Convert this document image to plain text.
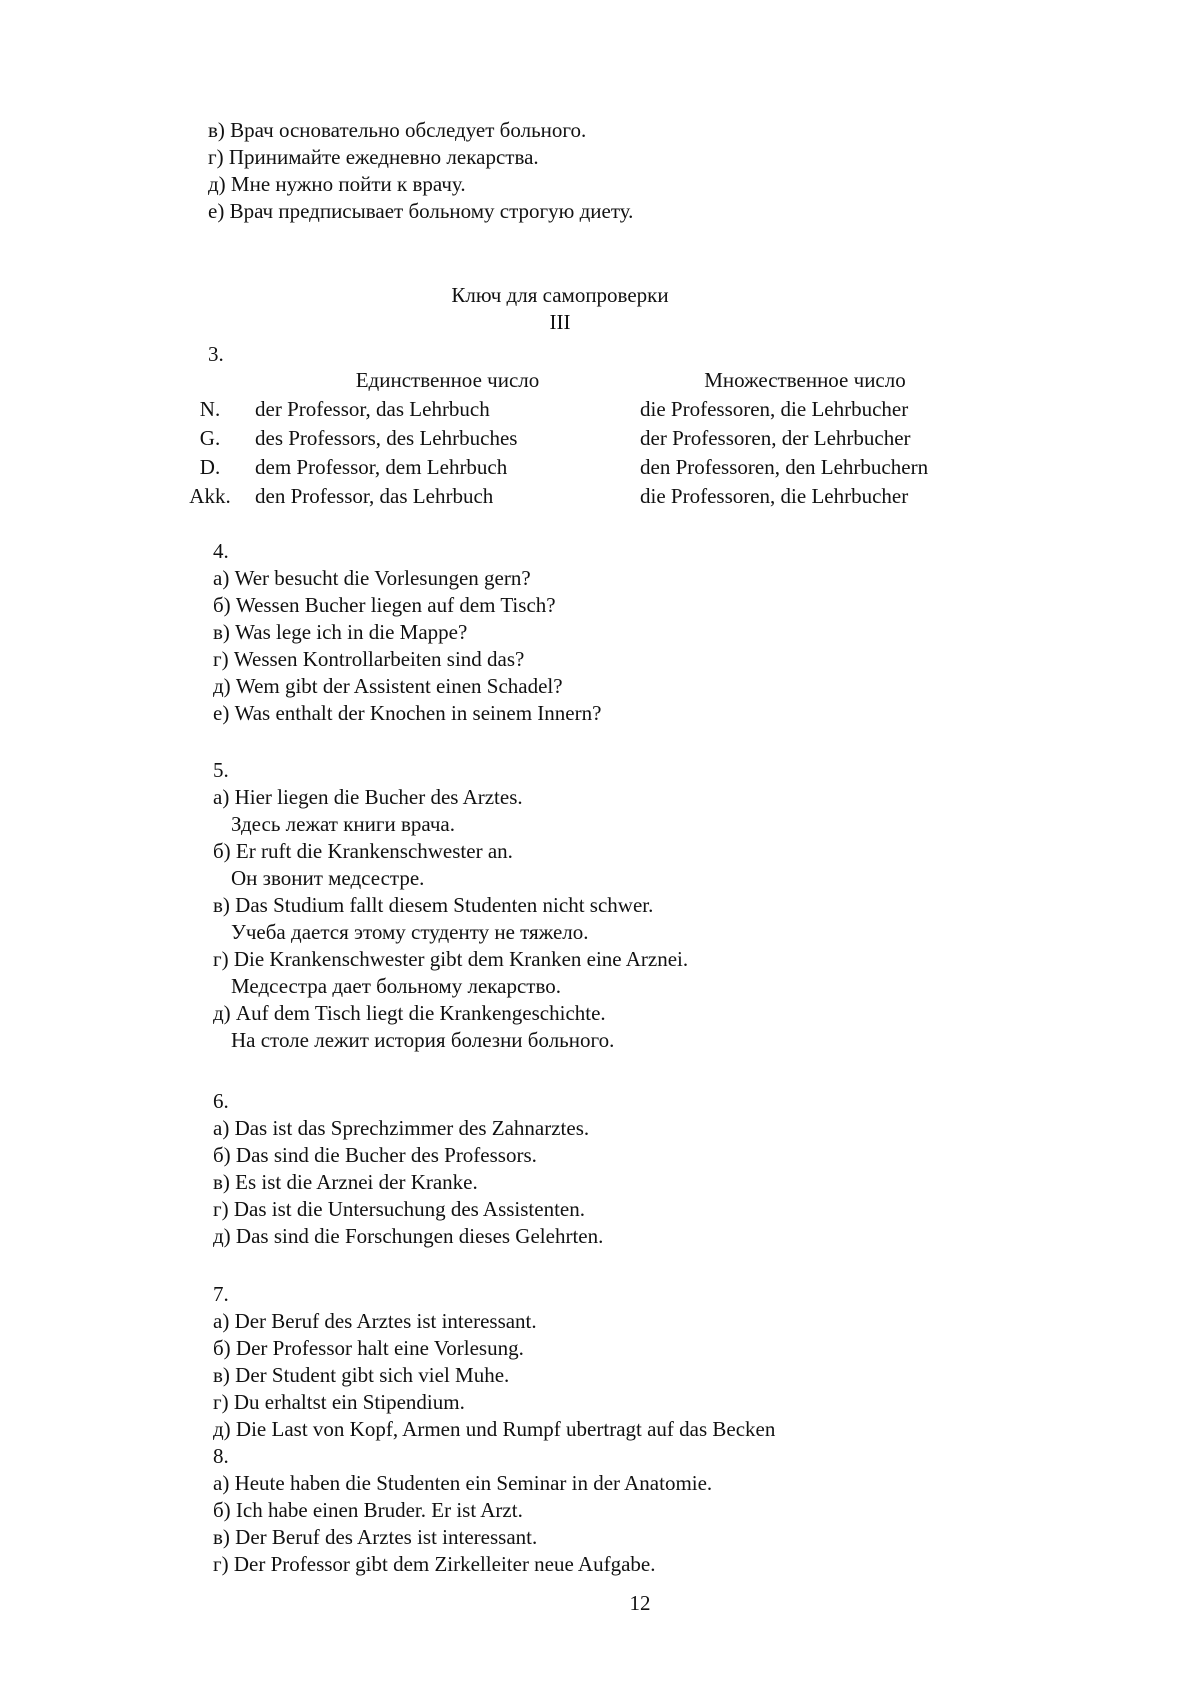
в) Врач основательно обследует больного.
г) Принимайте ежедневно лекарства.
д) Мне нужно пойти к врачу.
е) Врач предписывает больному строгую диету.
Ключ для самопроверки
III
3.
	Единственное число	Множественное число
N.	der Professor, das Lehrbuch	die Professoren, die Lehrbucher
G.	des Professors, des Lehrbuches	der Professoren, der Lehrbucher
D.	dem Professor, dem Lehrbuch	den Professoren, den Lehrbuchern
Akk.	den Professor, das Lehrbuch	die Professoren, die Lehrbucher
4.
а) Wer besucht die Vorlesungen gern?
б) Wessen Bucher liegen auf dem Tisch?
в) Was lege ich in die Mappe?
г) Wessen Kontrollarbeiten sind das?
д) Wem gibt der Assistent einen Schadel?
е) Was enthalt der Knochen in seinem Innern?
5.
а) Hier liegen die Bucher des Arztes.
Здесь лежат книги врача.
б) Er ruft die Krankenschwester an.
Он звонит медсестре.
в) Das Studium fallt diesem Studenten nicht schwer.
Учеба дается этому студенту не тяжело.
г) Die Krankenschwester gibt dem Kranken eine Arznei.
Медсестра дает больному лекарство.
д) Auf dem Tisch liegt die Krankengeschichte.
На столе лежит история болезни больного.
6.
а) Das ist das Sprechzimmer des Zahnarztes.
б) Das sind die Bucher des Professors.
в) Es ist die Arznei der Kranke.
г) Das ist die Untersuchung des Assistenten.
д) Das sind die Forschungen dieses Gelehrten.
7.
а) Der Beruf des Arztes ist interessant.
б) Der Professor halt eine Vorlesung.
в) Der Student gibt sich viel Muhe.
г) Du erhaltst ein Stipendium.
д) Die Last von Kopf, Armen und Rumpf ubertragt auf das Becken
8.
а) Heute haben die Studenten ein Seminar in der Anatomie.
б) Ich habe einen Bruder. Er ist Arzt.
в) Der Beruf des Arztes ist interessant.
г) Der Professor gibt dem Zirkelleiter neue Aufgabe.
12
